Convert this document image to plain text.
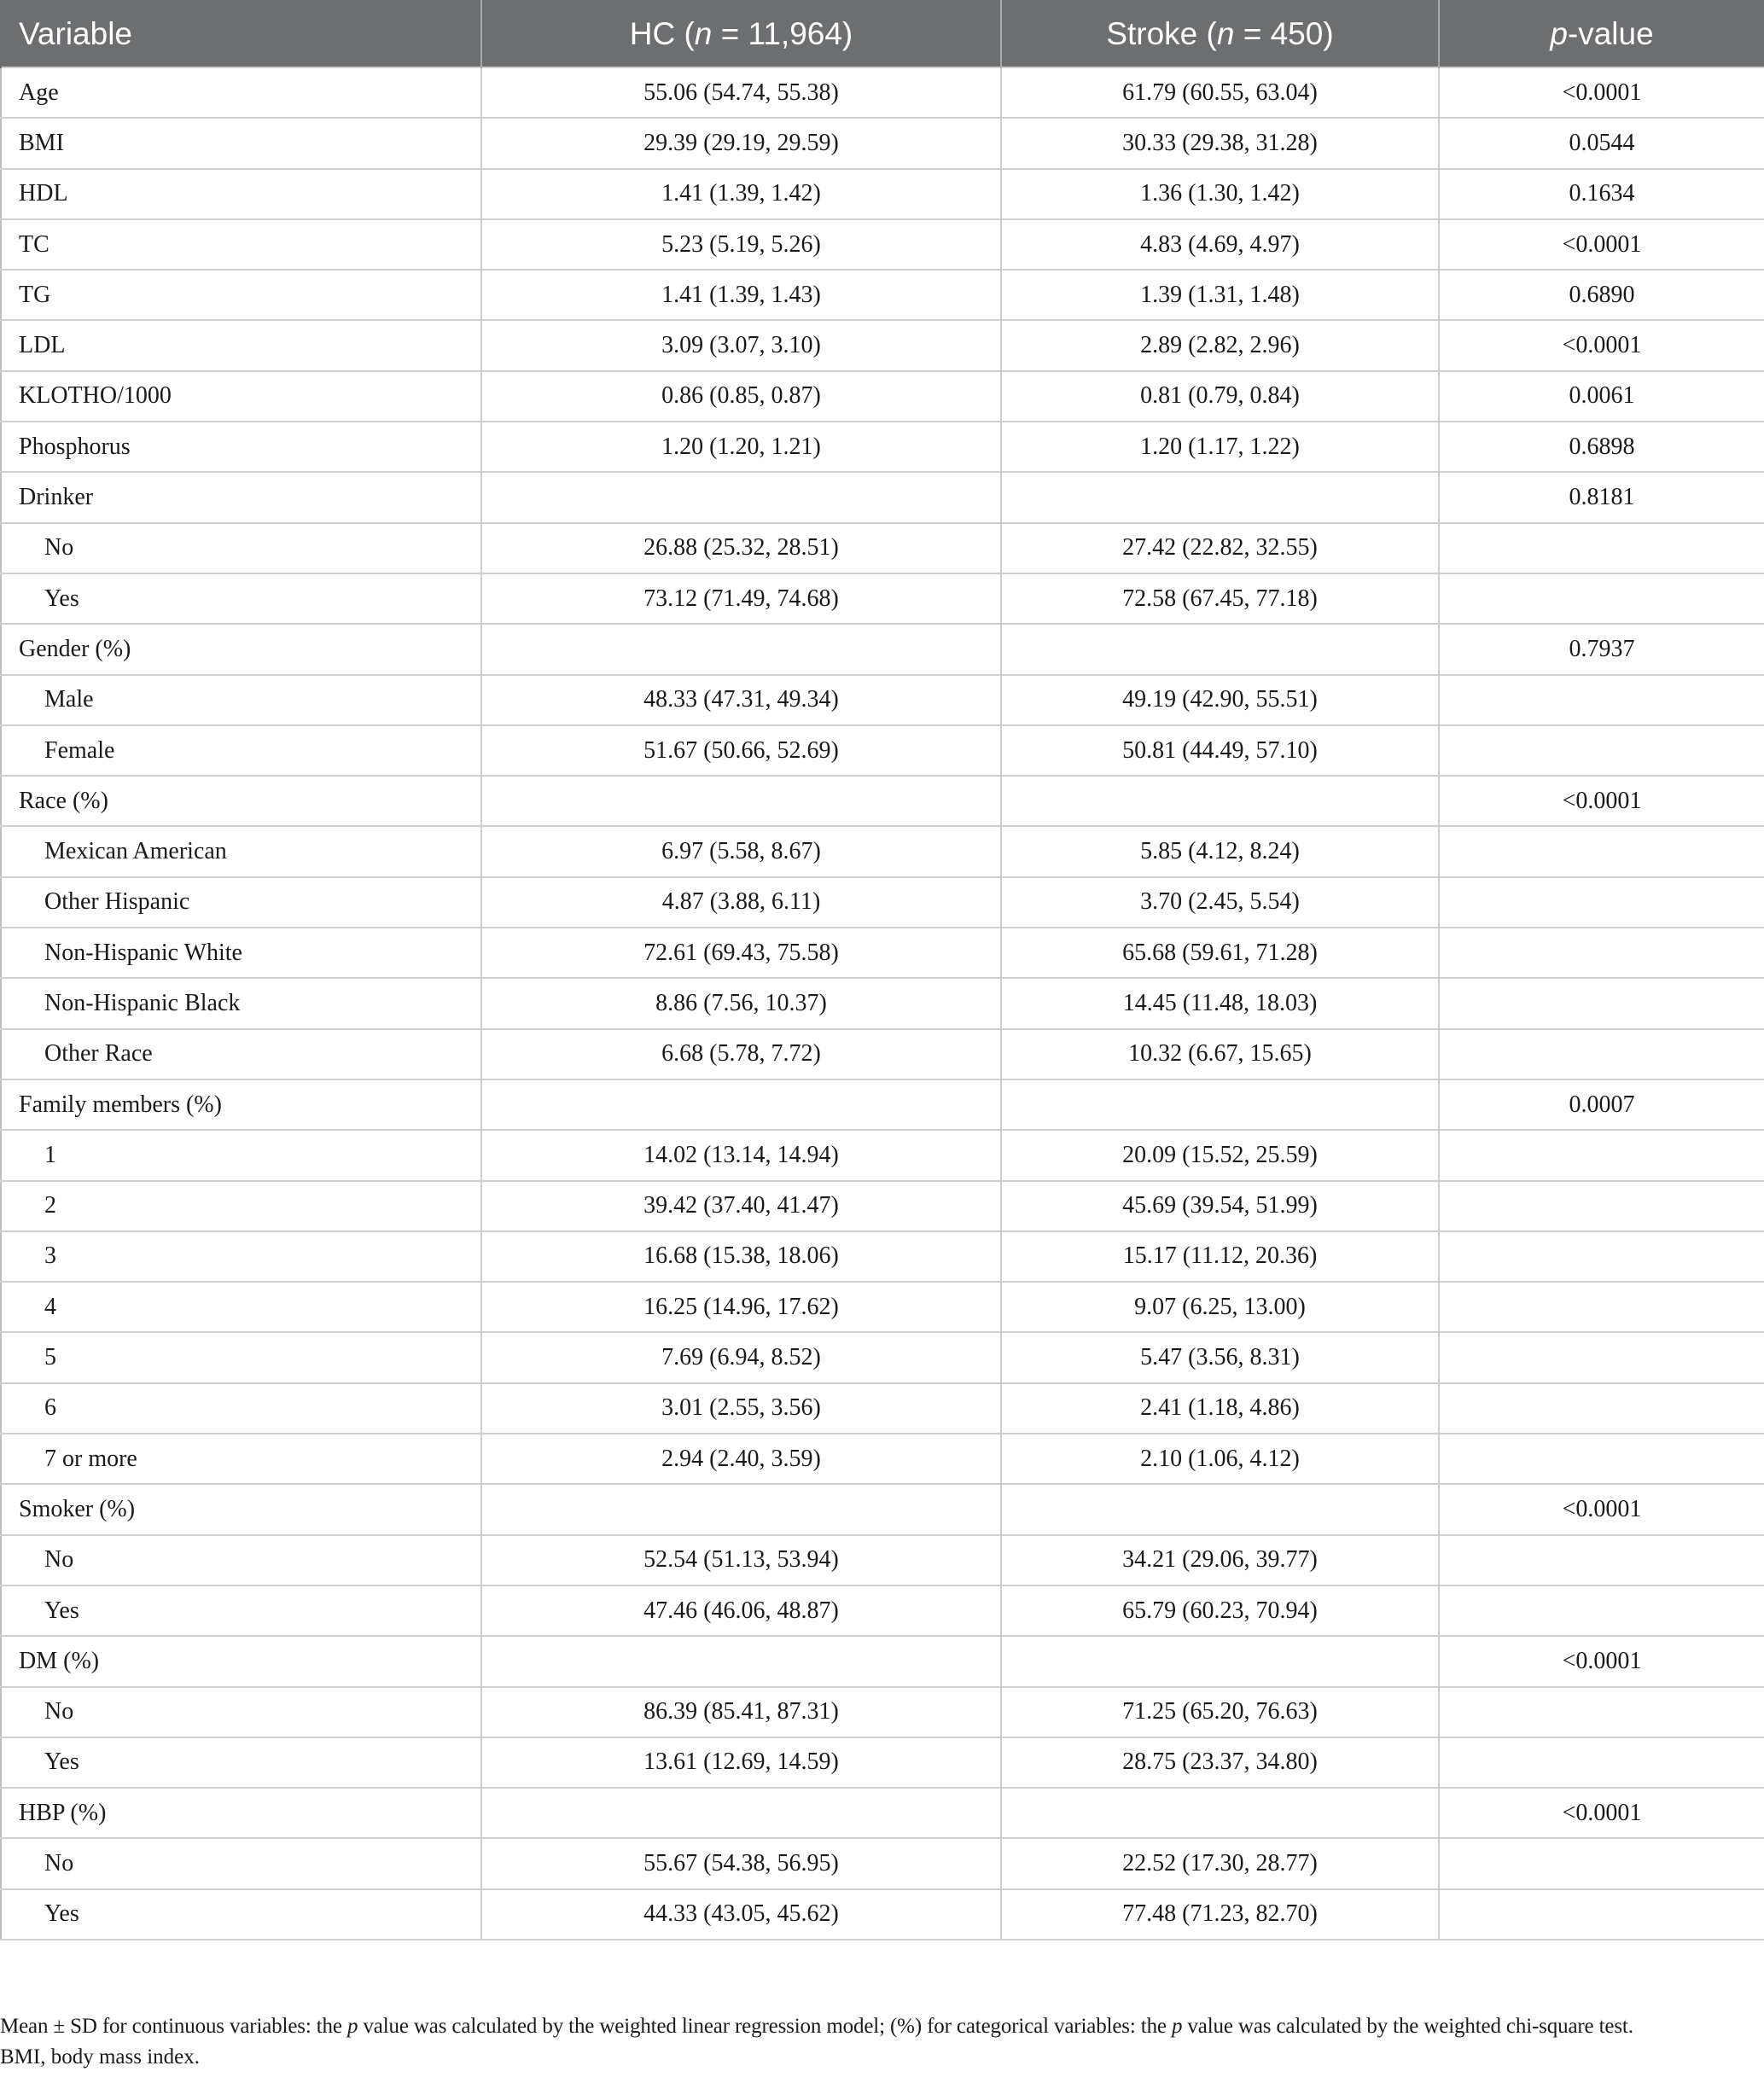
Variable	HC (n = 11,964)	Stroke (n = 450)	p-value
Age	55.06 (54.74, 55.38)	61.79 (60.55, 63.04)	<0.0001
BMI	29.39 (29.19, 29.59)	30.33 (29.38, 31.28)	0.0544
HDL	1.41 (1.39, 1.42)	1.36 (1.30, 1.42)	0.1634
TC	5.23 (5.19, 5.26)	4.83 (4.69, 4.97)	<0.0001
TG	1.41 (1.39, 1.43)	1.39 (1.31, 1.48)	0.6890
LDL	3.09 (3.07, 3.10)	2.89 (2.82, 2.96)	<0.0001
KLOTHO/1000	0.86 (0.85, 0.87)	0.81 (0.79, 0.84)	0.0061
Phosphorus	1.20 (1.20, 1.21)	1.20 (1.17, 1.22)	0.6898
Drinker			0.8181
No	26.88 (25.32, 28.51)	27.42 (22.82, 32.55)	
Yes	73.12 (71.49, 74.68)	72.58 (67.45, 77.18)	
Gender (%)			0.7937
Male	48.33 (47.31, 49.34)	49.19 (42.90, 55.51)	
Female	51.67 (50.66, 52.69)	50.81 (44.49, 57.10)	
Race (%)			<0.0001
Mexican American	6.97 (5.58, 8.67)	5.85 (4.12, 8.24)	
Other Hispanic	4.87 (3.88, 6.11)	3.70 (2.45, 5.54)	
Non-Hispanic White	72.61 (69.43, 75.58)	65.68 (59.61, 71.28)	
Non-Hispanic Black	8.86 (7.56, 10.37)	14.45 (11.48, 18.03)	
Other Race	6.68 (5.78, 7.72)	10.32 (6.67, 15.65)	
Family members (%)			0.0007
1	14.02 (13.14, 14.94)	20.09 (15.52, 25.59)	
2	39.42 (37.40, 41.47)	45.69 (39.54, 51.99)	
3	16.68 (15.38, 18.06)	15.17 (11.12, 20.36)	
4	16.25 (14.96, 17.62)	9.07 (6.25, 13.00)	
5	7.69 (6.94, 8.52)	5.47 (3.56, 8.31)	
6	3.01 (2.55, 3.56)	2.41 (1.18, 4.86)	
7 or more	2.94 (2.40, 3.59)	2.10 (1.06, 4.12)	
Smoker (%)			<0.0001
No	52.54 (51.13, 53.94)	34.21 (29.06, 39.77)	
Yes	47.46 (46.06, 48.87)	65.79 (60.23, 70.94)	
DM (%)			<0.0001
No	86.39 (85.41, 87.31)	71.25 (65.20, 76.63)	
Yes	13.61 (12.69, 14.59)	28.75 (23.37, 34.80)	
HBP (%)			<0.0001
No	55.67 (54.38, 56.95)	22.52 (17.30, 28.77)	
Yes	44.33 (43.05, 45.62)	77.48 (71.23, 82.70)	

Mean ± SD for continuous variables: the p value was calculated by the weighted linear regression model; (%) for categorical variables: the p value was calculated by the weighted chi-square test.

BMI, body mass index.
